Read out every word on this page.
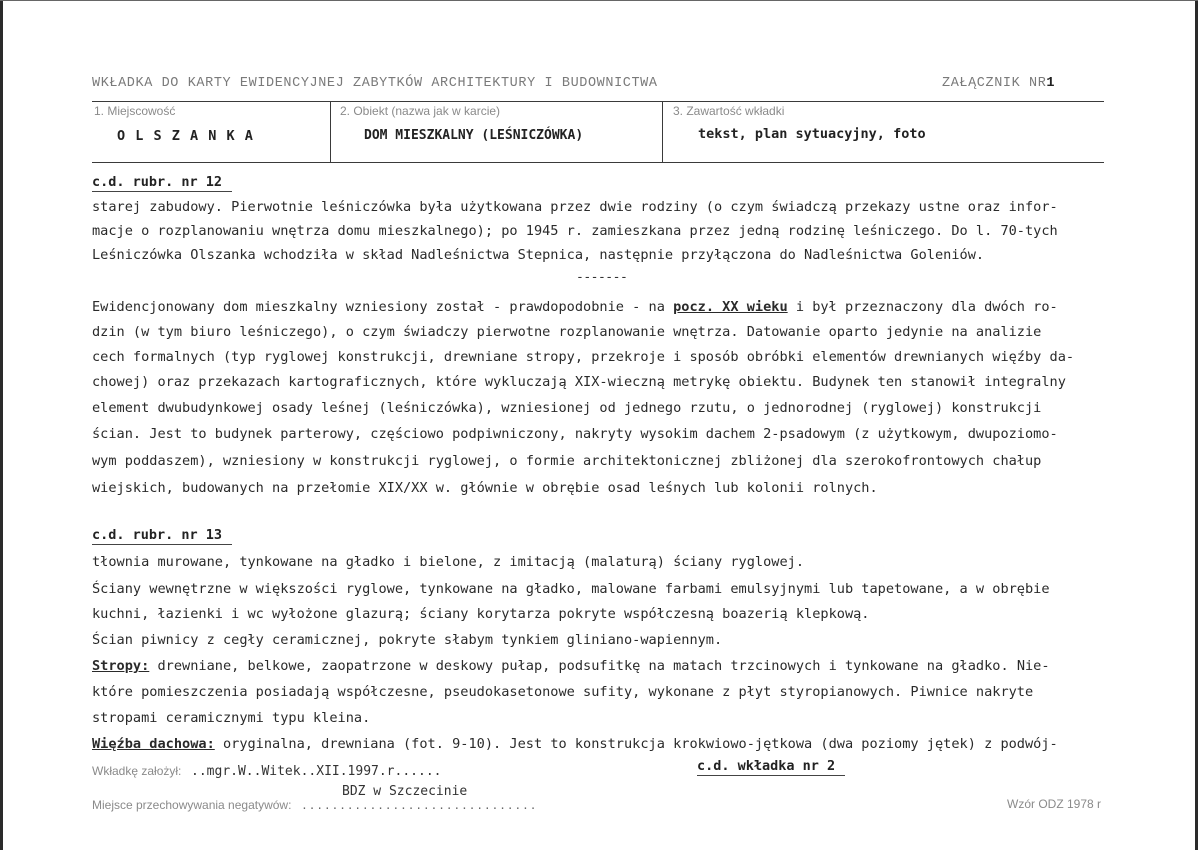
WKŁADKA DO KARTY EWIDENCYJNEJ ZABYTKÓW ARCHITEKTURY I BUDOWNICTWA	ZAŁĄCZNIK NR1
1. Miejscowość
O L S Z A N K A
2. Obiekt (nazwa jak w karcie)
DOM MIESZKALNY (LEŚNICZÓWKA)
3. Zawartość wkładki
tekst, plan sytuacyjny, foto
c.d. rubr. nr 12
starej zabudowy. Pierwotnie leśniczówka była użytkowana przez dwie rodziny (o czym świadczą przekazy ustne oraz infor-
macje o rozplanowaniu wnętrza domu mieszkalnego); po 1945 r. zamieszkana przez jedną rodzinę leśniczego. Do l. 70-tych
Leśniczówka Olszanka wchodziła w skład Nadleśnictwa Stepnica, następnie przyłączona do Nadleśnictwa Goleniów.
-------
Ewidencjonowany dom mieszkalny wzniesiony został - prawdopodobnie - na pocz. XX wieku i był przeznaczony dla dwóch ro-
dzin (w tym biuro leśniczego), o czym świadczy pierwotne rozplanowanie wnętrza. Datowanie oparto jedynie na analizie
cech formalnych (typ ryglowej konstrukcji, drewniane stropy, przekroje i sposób obróbki elementów drewnianych więźby da-
chowej) oraz przekazach kartograficznych, które wykluczają XIX-wieczną metrykę obiektu. Budynek ten stanowił integralny
element dwubudynkowej osady leśnej (leśniczówka), wzniesionej od jednego rzutu, o jednorodnej (ryglowej) konstrukcji
ścian. Jest to budynek parterowy, częściowo podpiwniczony, nakryty wysokim dachem 2-psadowym (z użytkowym, dwupoziomo-
wym poddaszem), wzniesiony w konstrukcji ryglowej, o formie architektonicznej zbliżonej dla szerokofrontowych chałup
wiejskich, budowanych na przełomie XIX/XX w. głównie w obrębie osad leśnych lub kolonii rolnych.
c.d. rubr. nr 13
tłownia murowane, tynkowane na gładko i bielone, z imitacją (malaturą) ściany ryglowej.
Ściany wewnętrzne w większości ryglowe, tynkowane na gładko, malowane farbami emulsyjnymi lub tapetowane, a w obrębie
kuchni, łazienki i wc wyłożone glazurą; ściany korytarza pokryte współczesną boazerią klepkową.
Ścian piwnicy z cegły ceramicznej, pokryte słabym tynkiem gliniano-wapiennym.
Stropy: drewniane, belkowe, zaopatrzone w deskowy pułap, podsufitkę na matach trzcinowych i tynkowane na gładko. Nie-
które pomieszczenia posiadają współczesne, pseudokasetonowe sufity, wykonane z płyt styropianowych. Piwnice nakryte
stropami ceramicznymi typu kleina.
Więźba dachowa: oryginalna, drewniana (fot. 9-10). Jest to konstrukcja krokwiowo-jętkowa (dwa poziomy jętek) z podwój-
Wkładkę założył: ..mgr.W..Witek..XII.1997.r......	c.d. wkładka nr 2
Miejsce przechowywania negatywów: ...............................
BDZ w Szczecinie
Wzór ODZ 1978 r
